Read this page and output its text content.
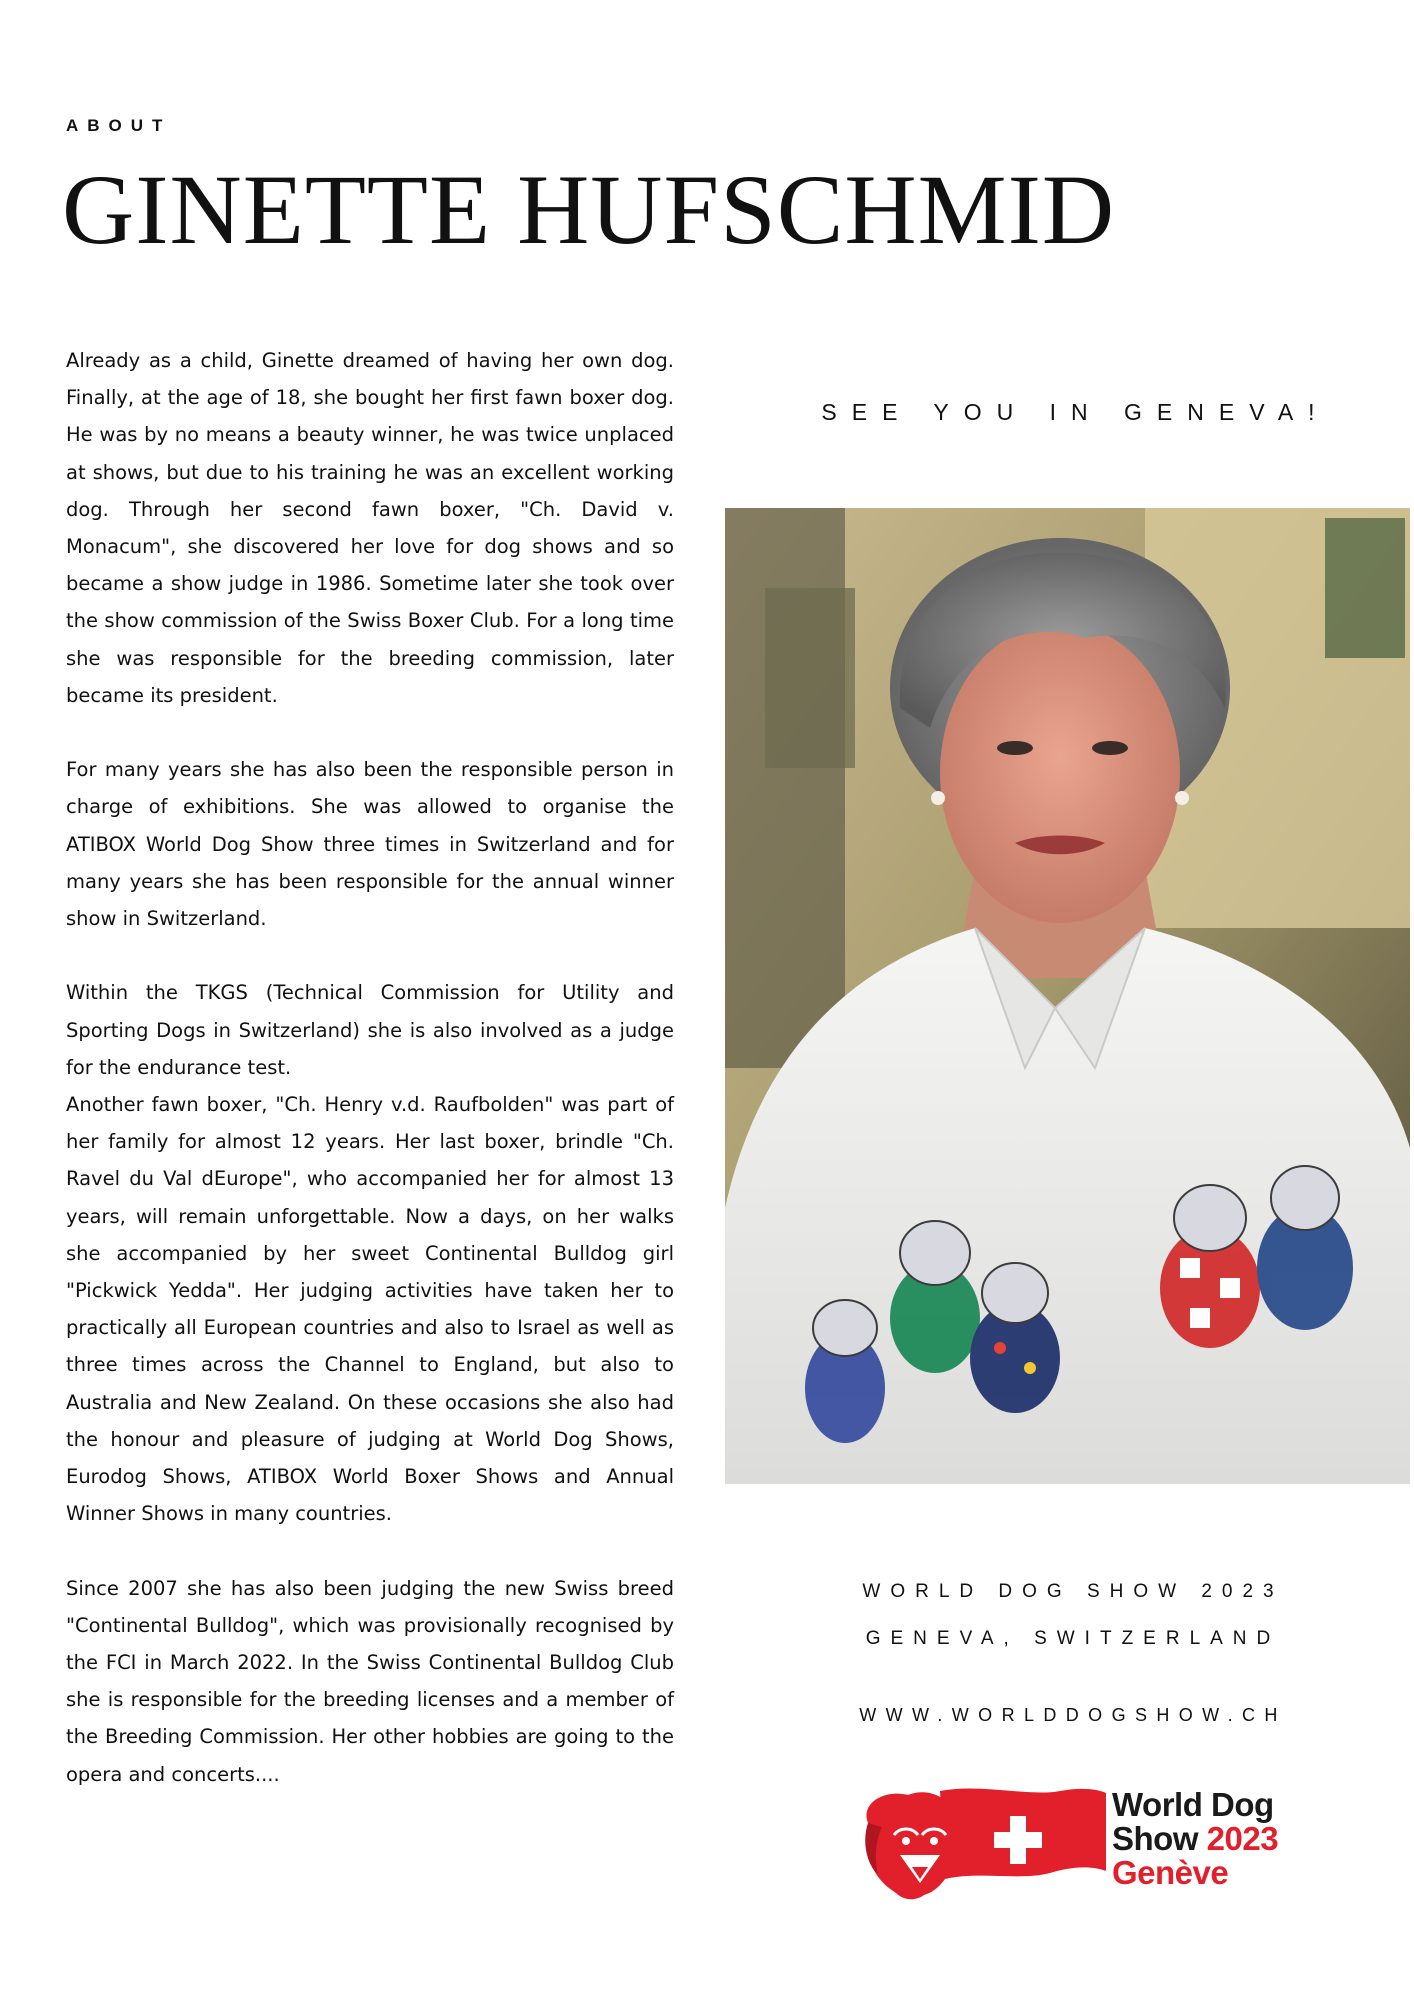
ABOUT
GINETTE HUFSCHMID

Already as a child, Ginette dreamed of having her own dog. Finally, at the age of 18, she bought her first fawn boxer dog. He was by no means a beauty winner, he was twice unplaced at shows, but due to his training he was an excellent working dog. Through her second fawn boxer, "Ch. David v. Monacum", she discovered her love for dog shows and so became a show judge in 1986. Sometime later she took over the show commission of the Swiss Boxer Club. For a long time she was responsible for the breeding commission, later became its president.

For many years she has also been the responsible person in charge of exhibitions. She was allowed to organise the ATIBOX World Dog Show three times in Switzerland and for many years she has been responsible for the annual winner show in Switzerland.

Within the TKGS (Technical Commission for Utility and Sporting Dogs in Switzerland) she is also involved as a judge for the endurance test.

Another fawn boxer, "Ch. Henry v.d. Raufbolden" was part of her family for almost 12 years. Her last boxer, brindle "Ch. Ravel du Val dEurope", who accompanied her for almost 13 years, will remain unforgettable. Now a days, on her walks she accompanied by her sweet Continental Bulldog girl "Pickwick Yedda". Her judging activities have taken her to practically all European countries and also to Israel as well as three times across the Channel to England, but also to Australia and New Zealand. On these occasions she also had the honour and pleasure of judging at World Dog Shows, Eurodog Shows, ATIBOX World Boxer Shows and Annual Winner Shows in many countries.

Since 2007 she has also been judging the new Swiss breed "Continental Bulldog", which was provisionally recognised by the FCI in March 2022. In the Swiss Continental Bulldog Club she is responsible for the breeding licenses and a member of the Breeding Commission. Her other hobbies are going to the opera and concerts....

SEE YOU IN GENEVA!
WORLD DOG SHOW 2023
GENEVA, SWITZERLAND
WWW.WORLDDOGSHOW.CH
World Dog
Show 2023
Genève
